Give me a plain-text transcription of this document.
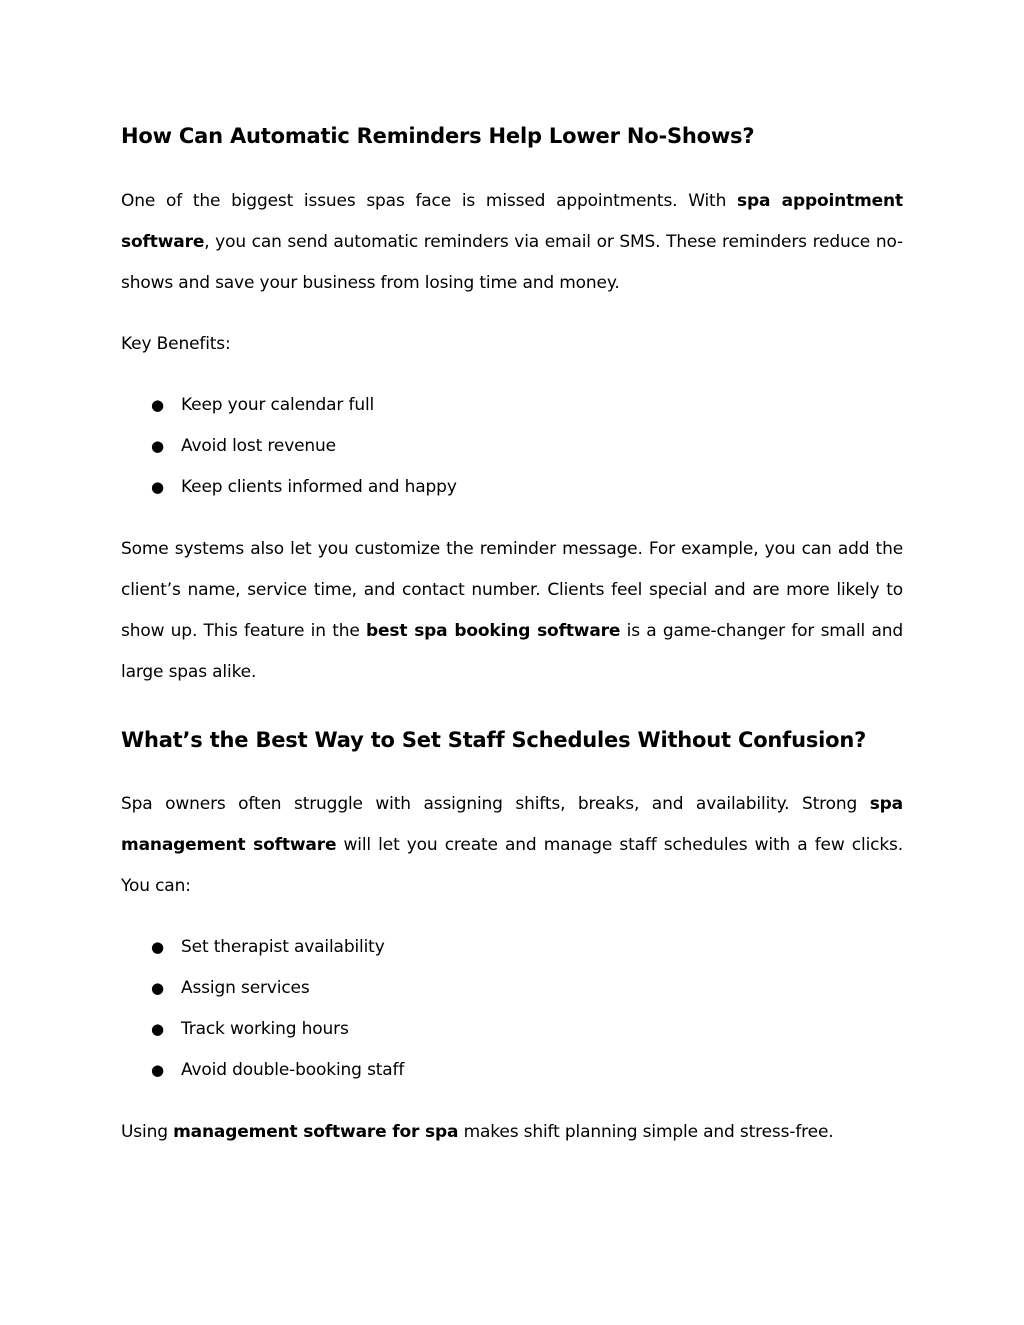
How Can Automatic Reminders Help Lower No-Shows?

One of the biggest issues spas face is missed appointments. With spa appointment software, you can send automatic reminders via email or SMS. These reminders reduce no-shows and save your business from losing time and money.

Key Benefits:

● Keep your calendar full
● Avoid lost revenue
● Keep clients informed and happy

Some systems also let you customize the reminder message. For example, you can add the client’s name, service time, and contact number. Clients feel special and are more likely to show up. This feature in the best spa booking software is a game-changer for small and large spas alike.

What’s the Best Way to Set Staff Schedules Without Confusion?

Spa owners often struggle with assigning shifts, breaks, and availability. Strong spa management software will let you create and manage staff schedules with a few clicks. You can:

● Set therapist availability
● Assign services
● Track working hours
● Avoid double-booking staff

Using management software for spa makes shift planning simple and stress-free.
